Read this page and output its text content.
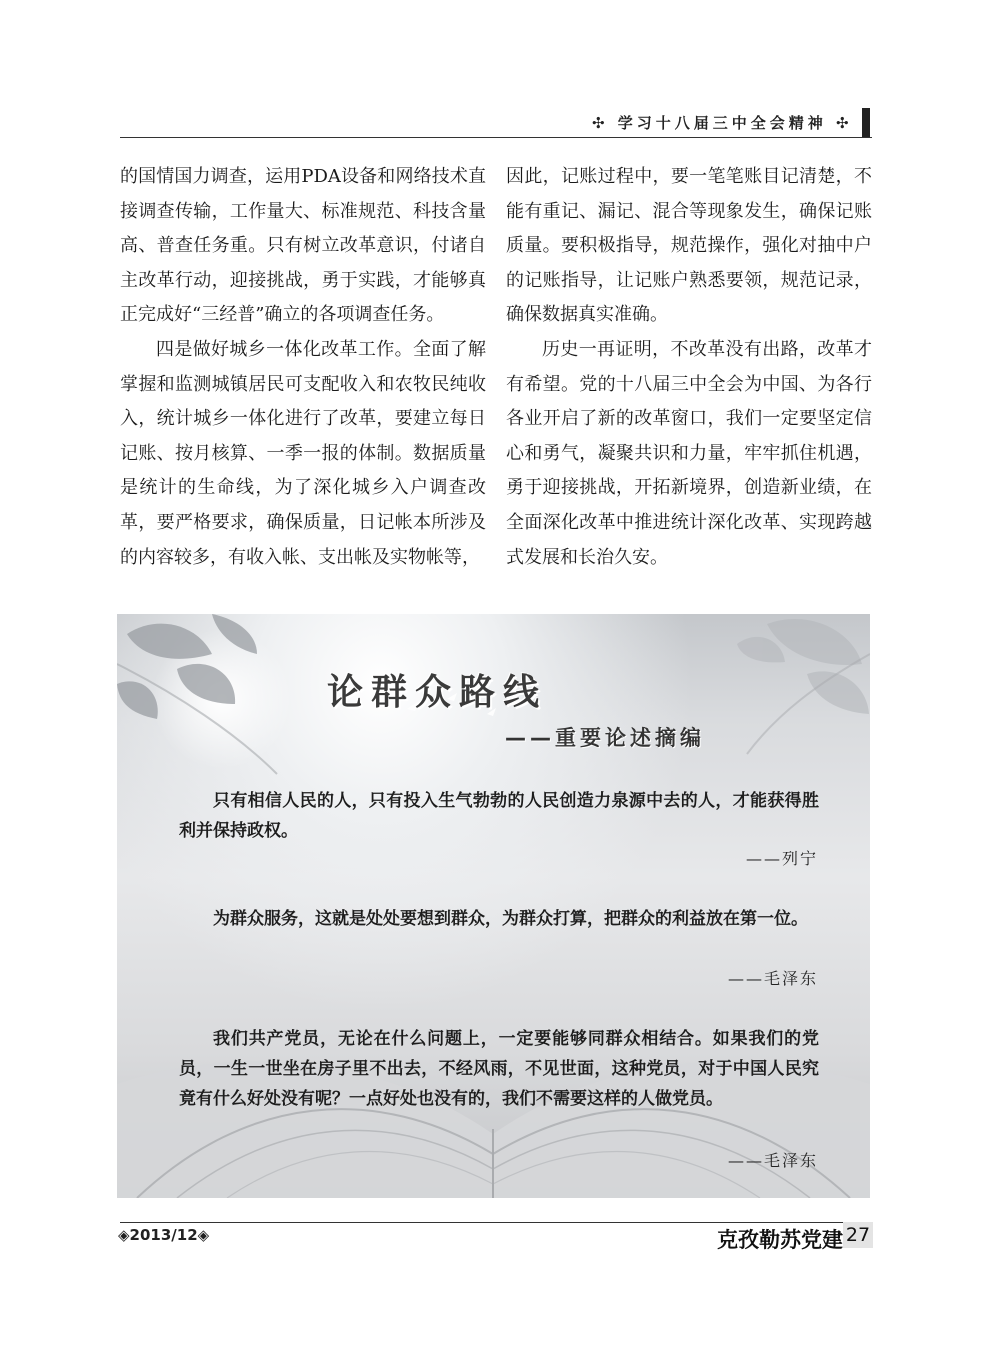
✣ 学习十八届三中全会精神 ✣

的国情国力调查，运用PDA设备和网络技术直接调查传输，工作量大、标准规范、科技含量高、普查任务重。只有树立改革意识，付诸自主改革行动，迎接挑战，勇于实践，才能够真正完成好“三经普”确立的各项调查任务。

四是做好城乡一体化改革工作。全面了解掌握和监测城镇居民可支配收入和农牧民纯收入，统计城乡一体化进行了改革，要建立每日记账、按月核算、一季一报的体制。数据质量是统计的生命线，为了深化城乡入户调查改革，要严格要求，确保质量，日记帐本所涉及的内容较多，有收入帐、支出帐及实物帐等，

因此，记账过程中，要一笔笔账目记清楚，不能有重记、漏记、混合等现象发生，确保记账质量。要积极指导，规范操作，强化对抽中户的记账指导，让记账户熟悉要领，规范记录，确保数据真实准确。

历史一再证明，不改革没有出路，改革才有希望。党的十八届三中全会为中国、为各行各业开启了新的改革窗口，我们一定要坚定信心和勇气，凝聚共识和力量，牢牢抓住机遇，勇于迎接挑战，开拓新境界，创造新业绩，在全面深化改革中推进统计深化改革、实现跨越式发展和长治久安。

论群众路线
——重要论述摘编
只有相信人民的人，只有投入生气勃勃的人民创造力泉源中去的人，才能获得胜利并保持政权。
——列宁
为群众服务，这就是处处要想到群众，为群众打算，把群众的利益放在第一位。
——毛泽东
我们共产党员，无论在什么问题上，一定要能够同群众相结合。如果我们的党员，一生一世坐在房子里不出去，不经风雨，不见世面，这种党员，对于中国人民究竟有什么好处没有呢？一点好处也没有的，我们不需要这样的人做党员。
——毛泽东
◈2013/12◈	克孜勒苏党建 27
